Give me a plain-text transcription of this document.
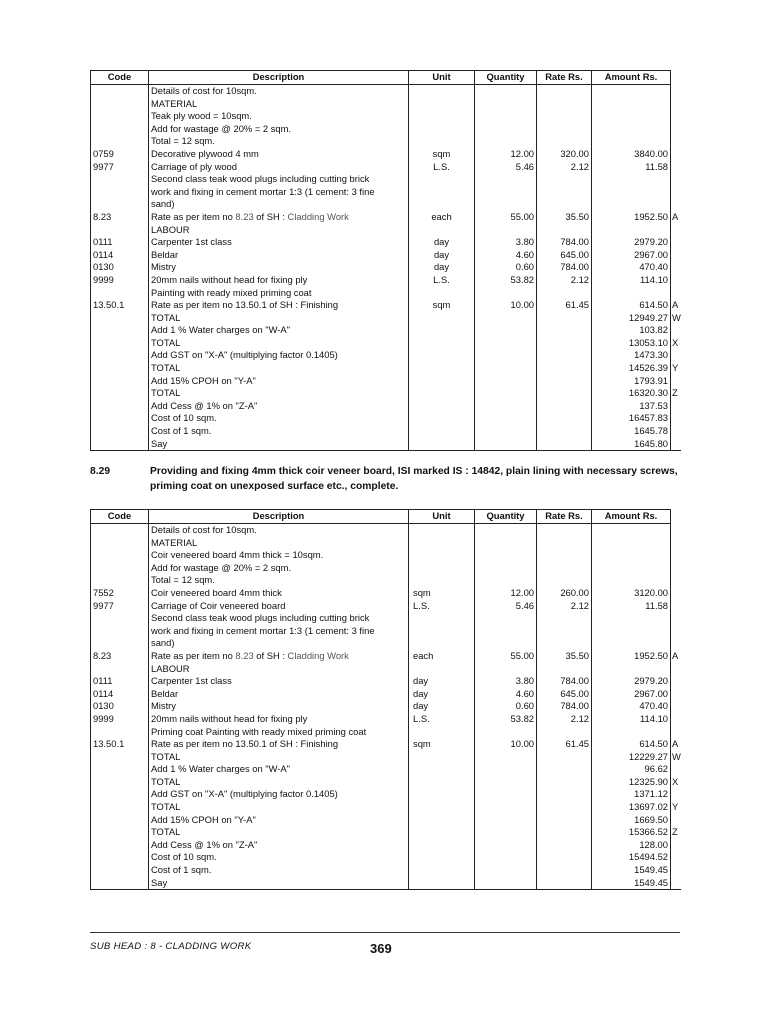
Code	Description	Unit	Quantity	Rate Rs.	Amount Rs.	
	Details of cost for 10sqm.					
	MATERIAL					
	Teak ply wood = 10sqm.					
	Add for wastage @ 20% = 2 sqm.					
	Total = 12 sqm.					
0759	Decorative plywood 4 mm	sqm	12.00	320.00	3840.00	
9977	Carriage of ply wood	L.S.	5.46	2.12	11.58	
	Second class teak wood plugs including cutting brick					
	work and fixing in cement mortar 1:3 (1 cement: 3 fine					
	sand)					
8.23	Rate as per item no 8.23 of SH : Cladding Work	each	55.00	35.50	1952.50	A
	LABOUR					
0111	Carpenter 1st class	day	3.80	784.00	2979.20	
0114	Beldar	day	4.60	645.00	2967.00	
0130	Mistry	day	0.60	784.00	470.40	
9999	20mm nails without head for fixing ply	L.S.	53.82	2.12	114.10	
	Painting with ready mixed priming coat					
13.50.1	Rate as per item no 13.50.1 of SH : Finishing	sqm	10.00	61.45	614.50	A
	TOTAL				12949.27	W
	Add 1 % Water charges on "W-A"				103.82	
	TOTAL				13053.10	X
	Add GST on "X-A" (multiplying factor 0.1405)				1473.30	
	TOTAL				14526.39	Y
	Add 15% CPOH on "Y-A"				1793.91	
	TOTAL				16320.30	Z
	Add Cess @ 1% on "Z-A"				137.53	
	Cost of 10 sqm.				16457.83	
	Cost of 1 sqm.				1645.78	
	Say				1645.80	
8.29	Providing and fixing 4mm thick coir veneer board, ISI marked IS : 14842, plain lining with necessary screws, priming coat on unexposed surface etc., complete.
Code	Description	Unit	Quantity	Rate Rs.	Amount Rs.	
	Details of cost for 10sqm.					
	MATERIAL					
	Coir veneered board 4mm thick = 10sqm.					
	Add for wastage @ 20% = 2 sqm.					
	Total = 12 sqm.					
7552	Coir veneered board 4mm thick	sqm	12.00	260.00	3120.00	
9977	Carriage of Coir veneered board	L.S.	5.46	2.12	11.58	
	Second class teak wood plugs including cutting brick					
	work and fixing in cement mortar 1:3 (1 cement: 3 fine					
	sand)					
8.23	Rate as per item no 8.23 of SH : Cladding Work	each	55.00	35.50	1952.50	A
	LABOUR					
0111	Carpenter 1st class	day	3.80	784.00	2979.20	
0114	Beldar	day	4.60	645.00	2967.00	
0130	Mistry	day	0.60	784.00	470.40	
9999	20mm nails without head for fixing ply	L.S.	53.82	2.12	114.10	
	Priming coat Painting with ready mixed priming coat					
13.50.1	Rate as per item no 13.50.1 of SH : Finishing	sqm	10.00	61.45	614.50	A
	TOTAL				12229.27	W
	Add 1 % Water charges on "W-A"				96.62	
	TOTAL				12325.90	X
	Add GST on "X-A" (multiplying factor 0.1405)				1371.12	
	TOTAL				13697.02	Y
	Add 15% CPOH on "Y-A"				1669.50	
	TOTAL				15366.52	Z
	Add Cess @ 1% on "Z-A"				128.00	
	Cost of 10 sqm.				15494.52	
	Cost of 1 sqm.				1549.45	
	Say				1549.45	
SUB HEAD : 8 - CLADDING WORK	369
